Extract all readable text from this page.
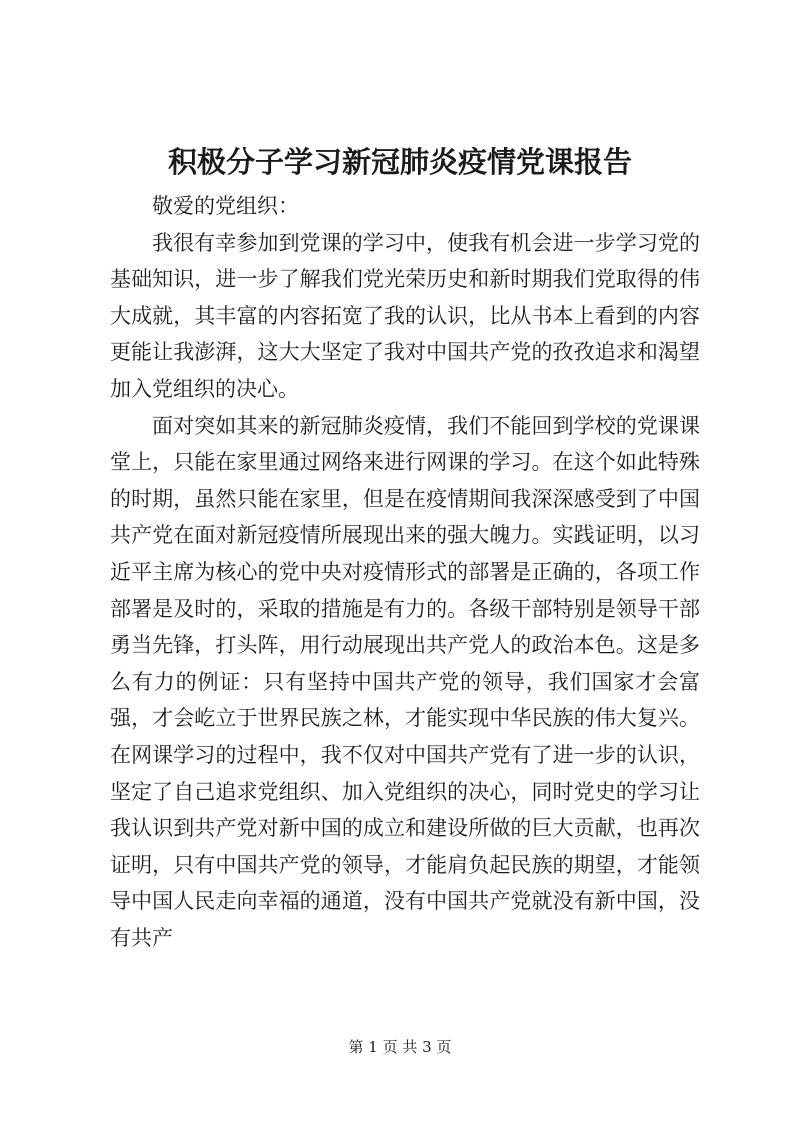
积极分子学习新冠肺炎疫情党课报告

敬爱的党组织：

我很有幸参加到党课的学习中，使我有机会进一步学习党的基础知识，进一步了解我们党光荣历史和新时期我们党取得的伟大成就，其丰富的内容拓宽了我的认识，比从书本上看到的内容更能让我澎湃，这大大坚定了我对中国共产党的孜孜追求和渴望加入党组织的决心。

面对突如其来的新冠肺炎疫情，我们不能回到学校的党课课堂上，只能在家里通过网络来进行网课的学习。在这个如此特殊的时期，虽然只能在家里，但是在疫情期间我深深感受到了中国共产党在面对新冠疫情所展现出来的强大魄力。实践证明，以习近平主席为核心的党中央对疫情形式的部署是正确的，各项工作部署是及时的，采取的措施是有力的。各级干部特别是领导干部勇当先锋，打头阵，用行动展现出共产党人的政治本色。这是多么有力的例证：只有坚持中国共产党的领导，我们国家才会富强，才会屹立于世界民族之林，才能实现中华民族的伟大复兴。在网课学习的过程中，我不仅对中国共产党有了进一步的认识，坚定了自己追求党组织、加入党组织的决心，同时党史的学习让我认识到共产党对新中国的成立和建设所做的巨大贡献，也再次证明，只有中国共产党的领导，才能肩负起民族的期望，才能领导中国人民走向幸福的通道，没有中国共产党就没有新中国，没有共产

第 1 页 共 3 页
